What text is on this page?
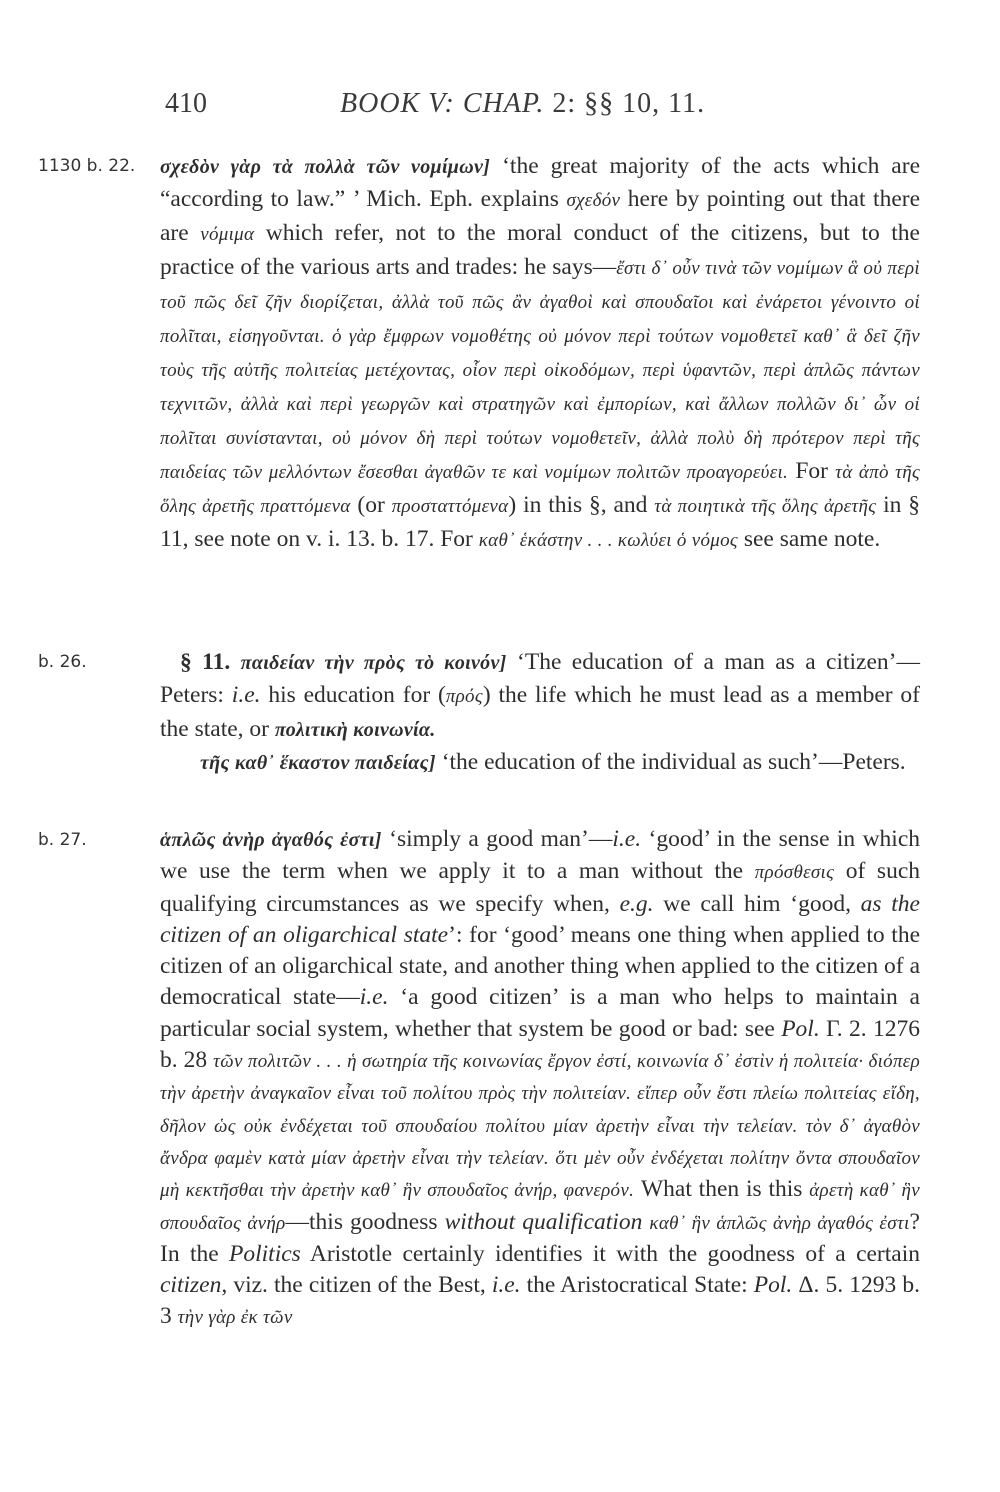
410	BOOK V: CHAP. 2: §§ 10, 11.
1130 b. 22.	σχεδὸν γὰρ τὰ πολλὰ τῶν νομίμων] ‘the great majority of the acts which are “according to law.” ’ Mich. Eph. explains σχεδόν here by pointing out that there are νόμιμα which refer, not to the moral conduct of the citizens, but to the practice of the various arts and trades: he says—ἔστι δ᾽ οὖν τινὰ τῶν νομίμων ἃ οὐ περὶ τοῦ πῶς δεῖ ζῆν διορίζεται, ἀλλὰ τοῦ πῶς ἂν ἀγαθοὶ καὶ σπουδαῖοι καὶ ἐνάρετοι γένοιντο οἱ πολῖται, εἰσηγοῦνται. ὁ γὰρ ἔμφρων νομοθέτης οὐ μόνον περὶ τούτων νομοθετεῖ καθ᾽ ἃ δεῖ ζῆν τοὺς τῆς αὐτῆς πολιτείας μετέχοντας, οἷον περὶ οἰκοδόμων, περὶ ὑφαντῶν, περὶ ἁπλῶς πάντων τεχνιτῶν, ἀλλὰ καὶ περὶ γεωργῶν καὶ στρατηγῶν καὶ ἐμπορίων, καὶ ἄλλων πολλῶν δι᾽ ὧν οἱ πολῖται συνίστανται, οὐ μόνον δὴ περὶ τούτων νομοθετεῖν, ἀλλὰ πολὺ δὴ πρότερον περὶ τῆς παιδείας τῶν μελλόντων ἔσεσθαι ἀγαθῶν τε καὶ νομίμων πολιτῶν προαγορεύει. For τὰ ἀπὸ τῆς ὅλης ἀρετῆς πραττόμενα (or προσταττόμενα) in this §, and τὰ ποιητικὰ τῆς ὅλης ἀρετῆς in § 11, see note on v. i. 13. b. 17. For καθ᾽ ἑκάστην . . . κωλύει ὁ νόμος see same note.
b. 26.	§ 11. παιδείαν τὴν πρὸς τὸ κοινόν] ‘The education of a man as a citizen’—Peters: i.e. his education for (πρός) the life which he must lead as a member of the state, or πολιτικὴ κοινωνία.
τῆς καθ᾽ ἕκαστον παιδείας] ‘the education of the individual as such’—Peters.
b. 27.	ἁπλῶς ἀνὴρ ἀγαθός ἐστι] ‘simply a good man’—i.e. ‘good’ in the sense in which we use the term when we apply it to a man without the πρόσθεσις of such qualifying circumstances as we specify when, e.g. we call him ‘good, as the citizen of an oligarchical state’: for ‘good’ means one thing when applied to the citizen of an oligarchical state, and another thing when applied to the citizen of a democratical state—i.e. ‘a good citizen’ is a man who helps to maintain a particular social system, whether that system be good or bad: see Pol. Γ. 2. 1276 b. 28 τῶν πολιτῶν . . . ἡ σωτηρία τῆς κοινωνίας ἔργον ἐστί, κοινωνία δ᾽ ἐστὶν ἡ πολιτεία· διόπερ τὴν ἀρετὴν ἀναγκαῖον εἶναι τοῦ πολίτου πρὸς τὴν πολιτείαν. εἴπερ οὖν ἔστι πλείω πολιτείας εἴδη, δῆλον ὡς οὐκ ἐνδέχεται τοῦ σπουδαίου πολίτου μίαν ἀρετὴν εἶναι τὴν τελείαν. τὸν δ᾽ ἀγαθὸν ἄνδρα φαμὲν κατὰ μίαν ἀρετὴν εἶναι τὴν τελείαν. ὅτι μὲν οὖν ἐνδέχεται πολίτην ὄντα σπουδαῖον μὴ κεκτῆσθαι τὴν ἀρετὴν καθ᾽ ἣν σπουδαῖος ἀνήρ, φανερόν. What then is this ἀρετὴ καθ᾽ ἣν σπουδαῖος ἀνήρ—this goodness without qualification καθ᾽ ἣν ἁπλῶς ἀνὴρ ἀγαθός ἐστι? In the Politics Aristotle certainly identifies it with the goodness of a certain citizen, viz. the citizen of the Best, i.e. the Aristocratical State: Pol. Δ. 5. 1293 b. 3 τὴν γὰρ ἐκ τῶν
